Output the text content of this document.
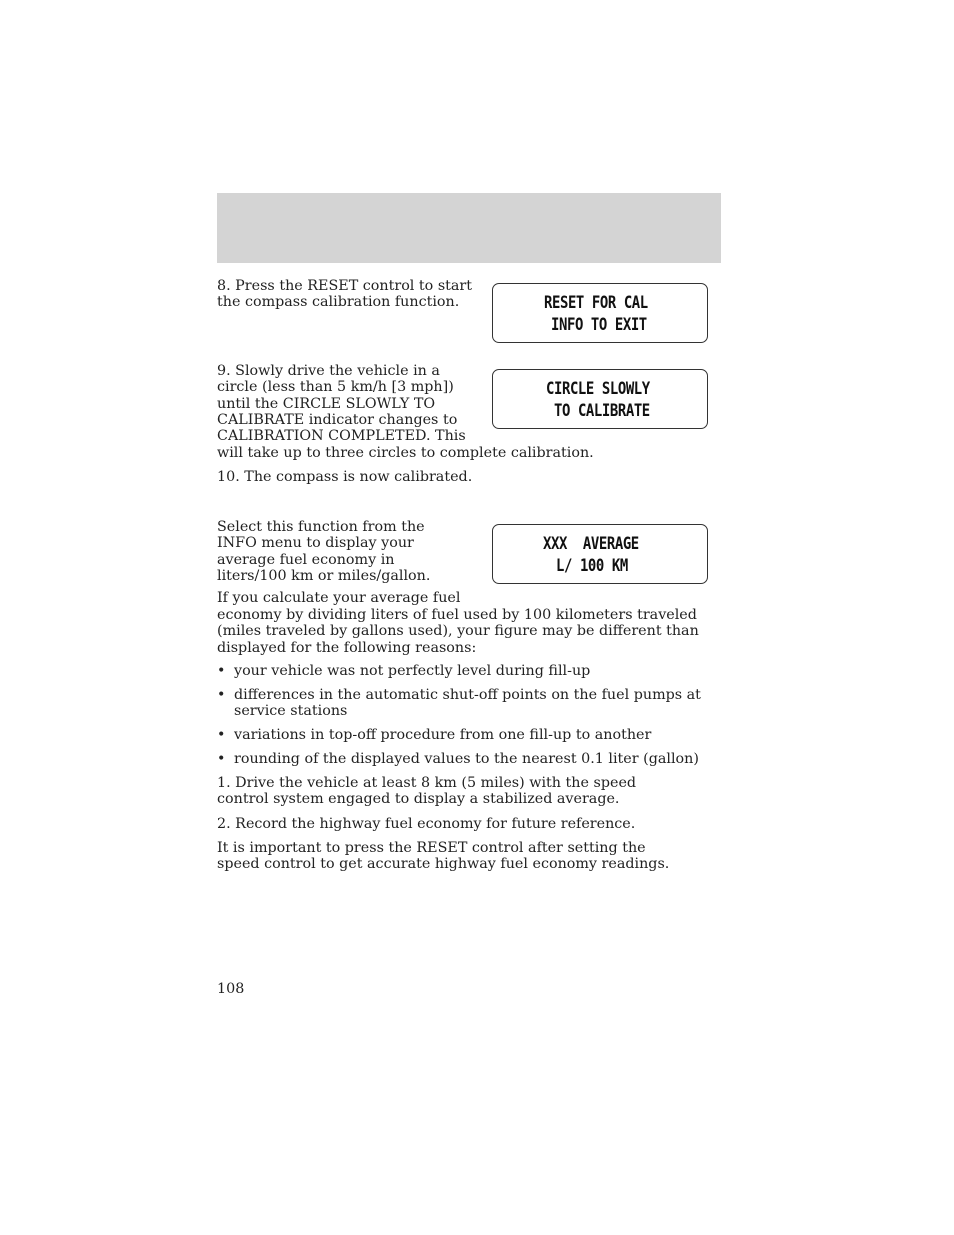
8. Press the RESET control to start the compass calibration function.	RESET FOR CAL
INFO TO EXIT

9. Slowly drive the vehicle in a circle (less than 5 km/h [3 mph]) until the CIRCLE SLOWLY TO CALIBRATE indicator changes to CALIBRATION COMPLETED. This

will take up to three circles to complete calibration.

CIRCLE SLOWLY
TO CALIBRATE

10. The compass is now calibrated.

Select this function from the INFO menu to display your average fuel economy in liters/100 km or miles/gallon.

XXX  AVERAGE
L/ 100 KM

If you calculate your average fuel

economy by dividing liters of fuel used by 100 kilometers traveled (miles traveled by gallons used), your figure may be different than displayed for the following reasons:

• your vehicle was not perfectly level during fill-up
• differences in the automatic shut-off points on the fuel pumps at service stations
• variations in top-off procedure from one fill-up to another
• rounding of the displayed values to the nearest 0.1 liter (gallon)

1. Drive the vehicle at least 8 km (5 miles) with the speed control system engaged to display a stabilized average.

2. Record the highway fuel economy for future reference.

It is important to press the RESET control after setting the speed control to get accurate highway fuel economy readings.

108
